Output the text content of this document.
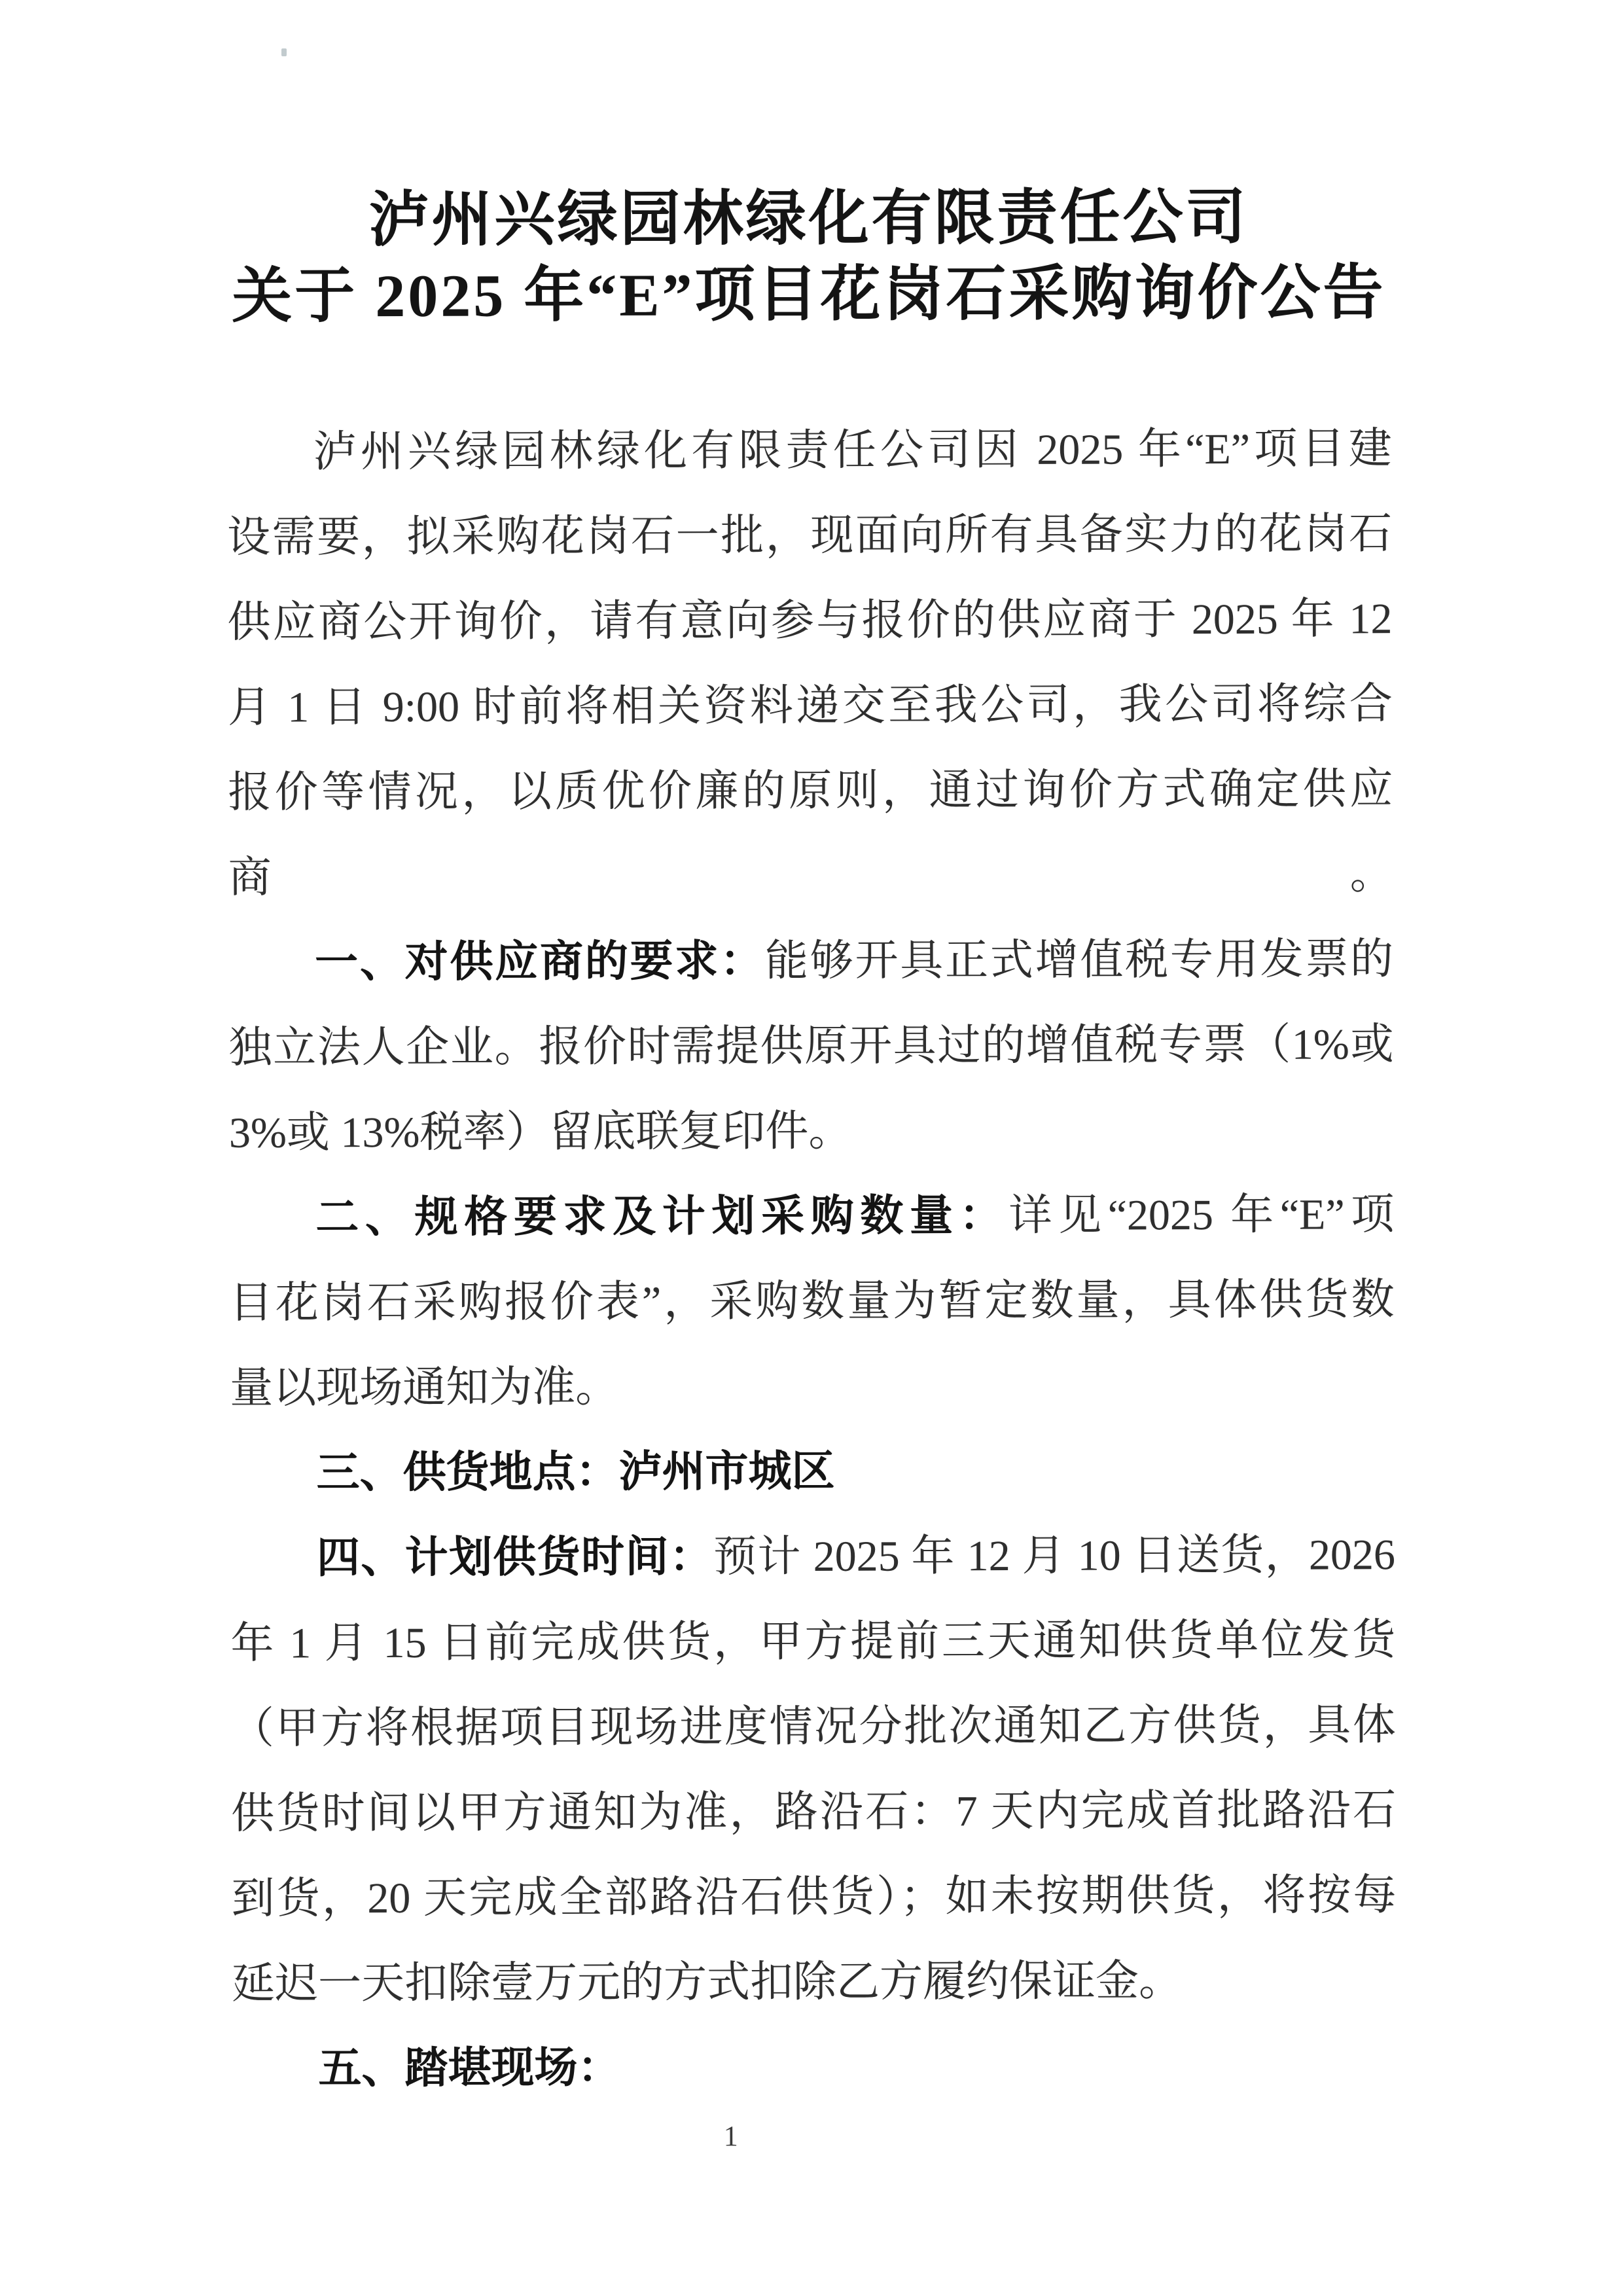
泸州兴绿园林绿化有限责任公司
关于 2025 年“E”项目花岗石采购询价公告
泸州兴绿园林绿化有限责任公司因 2025 年“E”项目建
设需要，拟采购花岗石一批，现面向所有具备实力的花岗石
供应商公开询价，请有意向参与报价的供应商于 2025 年 12
月 1 日 9:00 时前将相关资料递交至我公司，我公司将综合
报价等情况，以质优价廉的原则，通过询价方式确定供应商。
一、对供应商的要求：能够开具正式增值税专用发票的
独立法人企业。报价时需提供原开具过的增值税专票（1%或
3%或 13%税率）留底联复印件。
二、规格要求及计划采购数量：详见“2025 年“E”项
目花岗石采购报价表”，采购数量为暂定数量，具体供货数
量以现场通知为准。
三、供货地点：泸州市城区
四、计划供货时间：预计 2025 年 12 月 10 日送货，2026
年 1 月 15 日前完成供货，甲方提前三天通知供货单位发货
（甲方将根据项目现场进度情况分批次通知乙方供货，具体
供货时间以甲方通知为准，路沿石：7 天内完成首批路沿石
到货，20 天完成全部路沿石供货）；如未按期供货，将按每
延迟一天扣除壹万元的方式扣除乙方履约保证金。
五、踏堪现场：
1
